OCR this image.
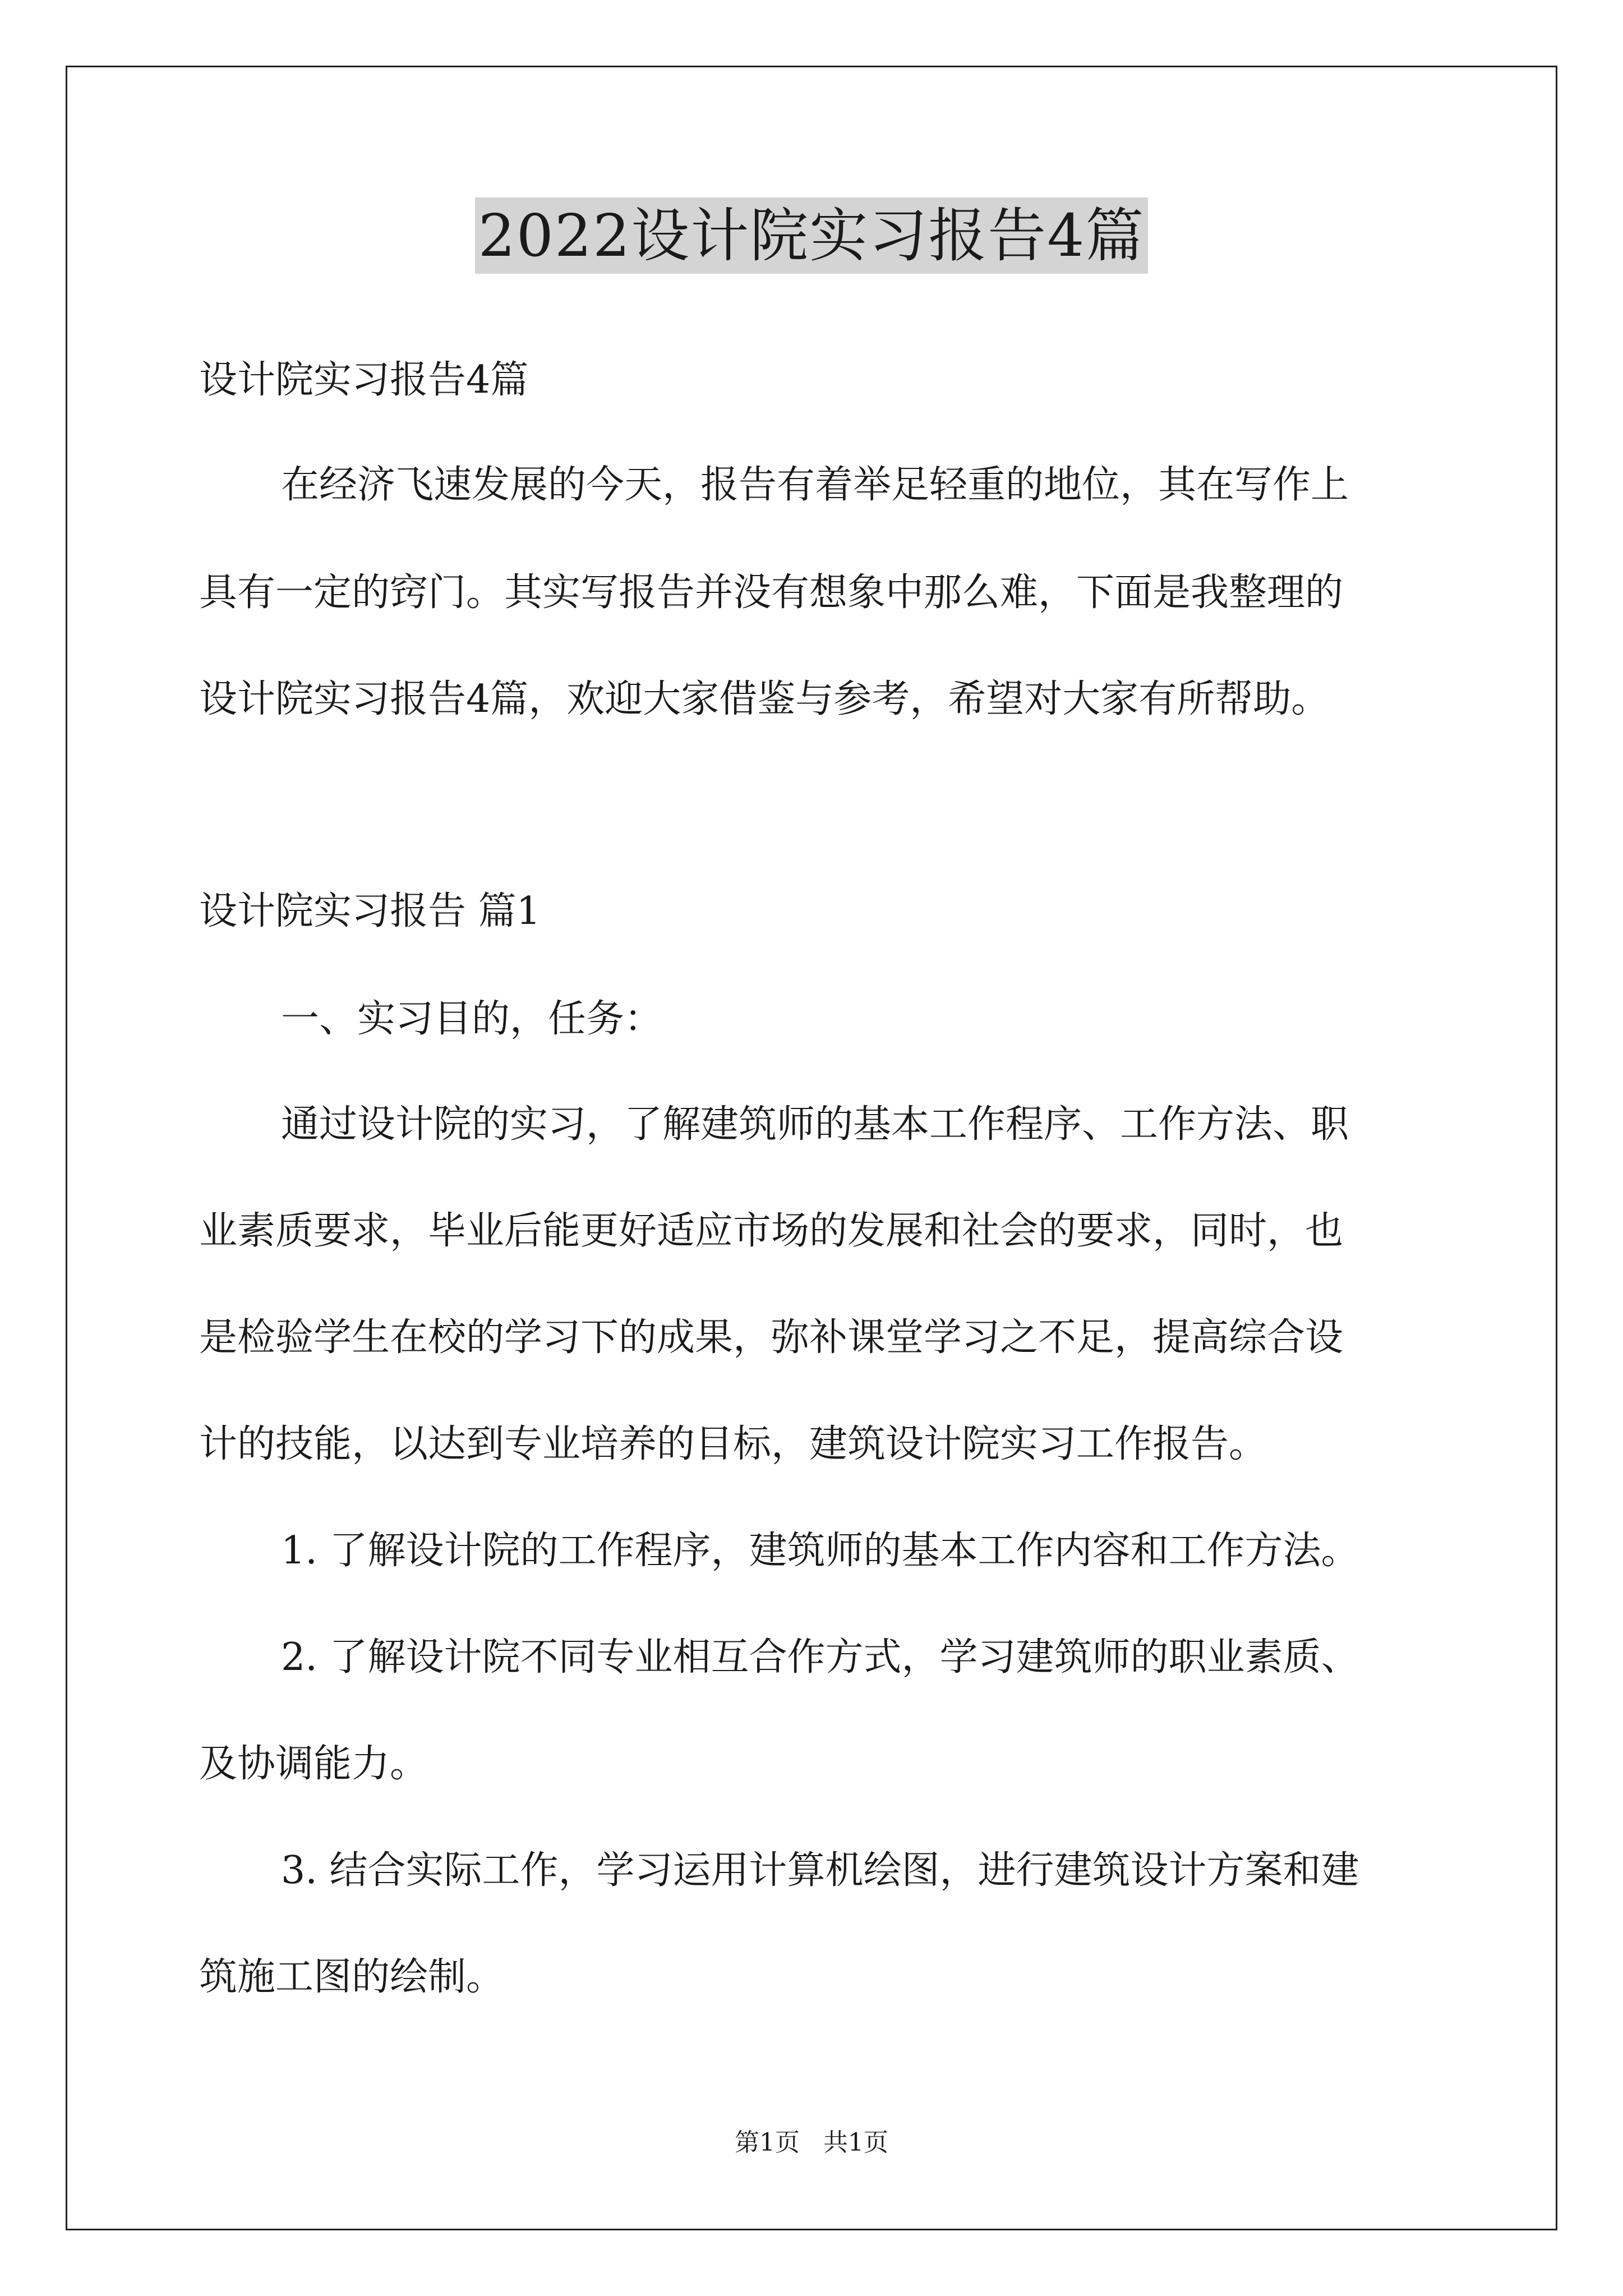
2022设计院实习报告4篇
设计院实习报告4篇
在经济飞速发展的今天，报告有着举足轻重的地位，其在写作上
具有一定的窍门。其实写报告并没有想象中那么难，下面是我整理的
设计院实习报告4篇，欢迎大家借鉴与参考，希望对大家有所帮助。
设计院实习报告 篇1
一、实习目的，任务：
通过设计院的实习，了解建筑师的基本工作程序、工作方法、职
业素质要求，毕业后能更好适应市场的发展和社会的要求，同时，也
是检验学生在校的学习下的成果，弥补课堂学习之不足，提高综合设
计的技能，以达到专业培养的目标，建筑设计院实习工作报告。
1. 了解设计院的工作程序，建筑师的基本工作内容和工作方法。
2. 了解设计院不同专业相互合作方式，学习建筑师的职业素质、
及协调能力。
3. 结合实际工作，学习运用计算机绘图，进行建筑设计方案和建
筑施工图的绘制。
第1页   共1页
